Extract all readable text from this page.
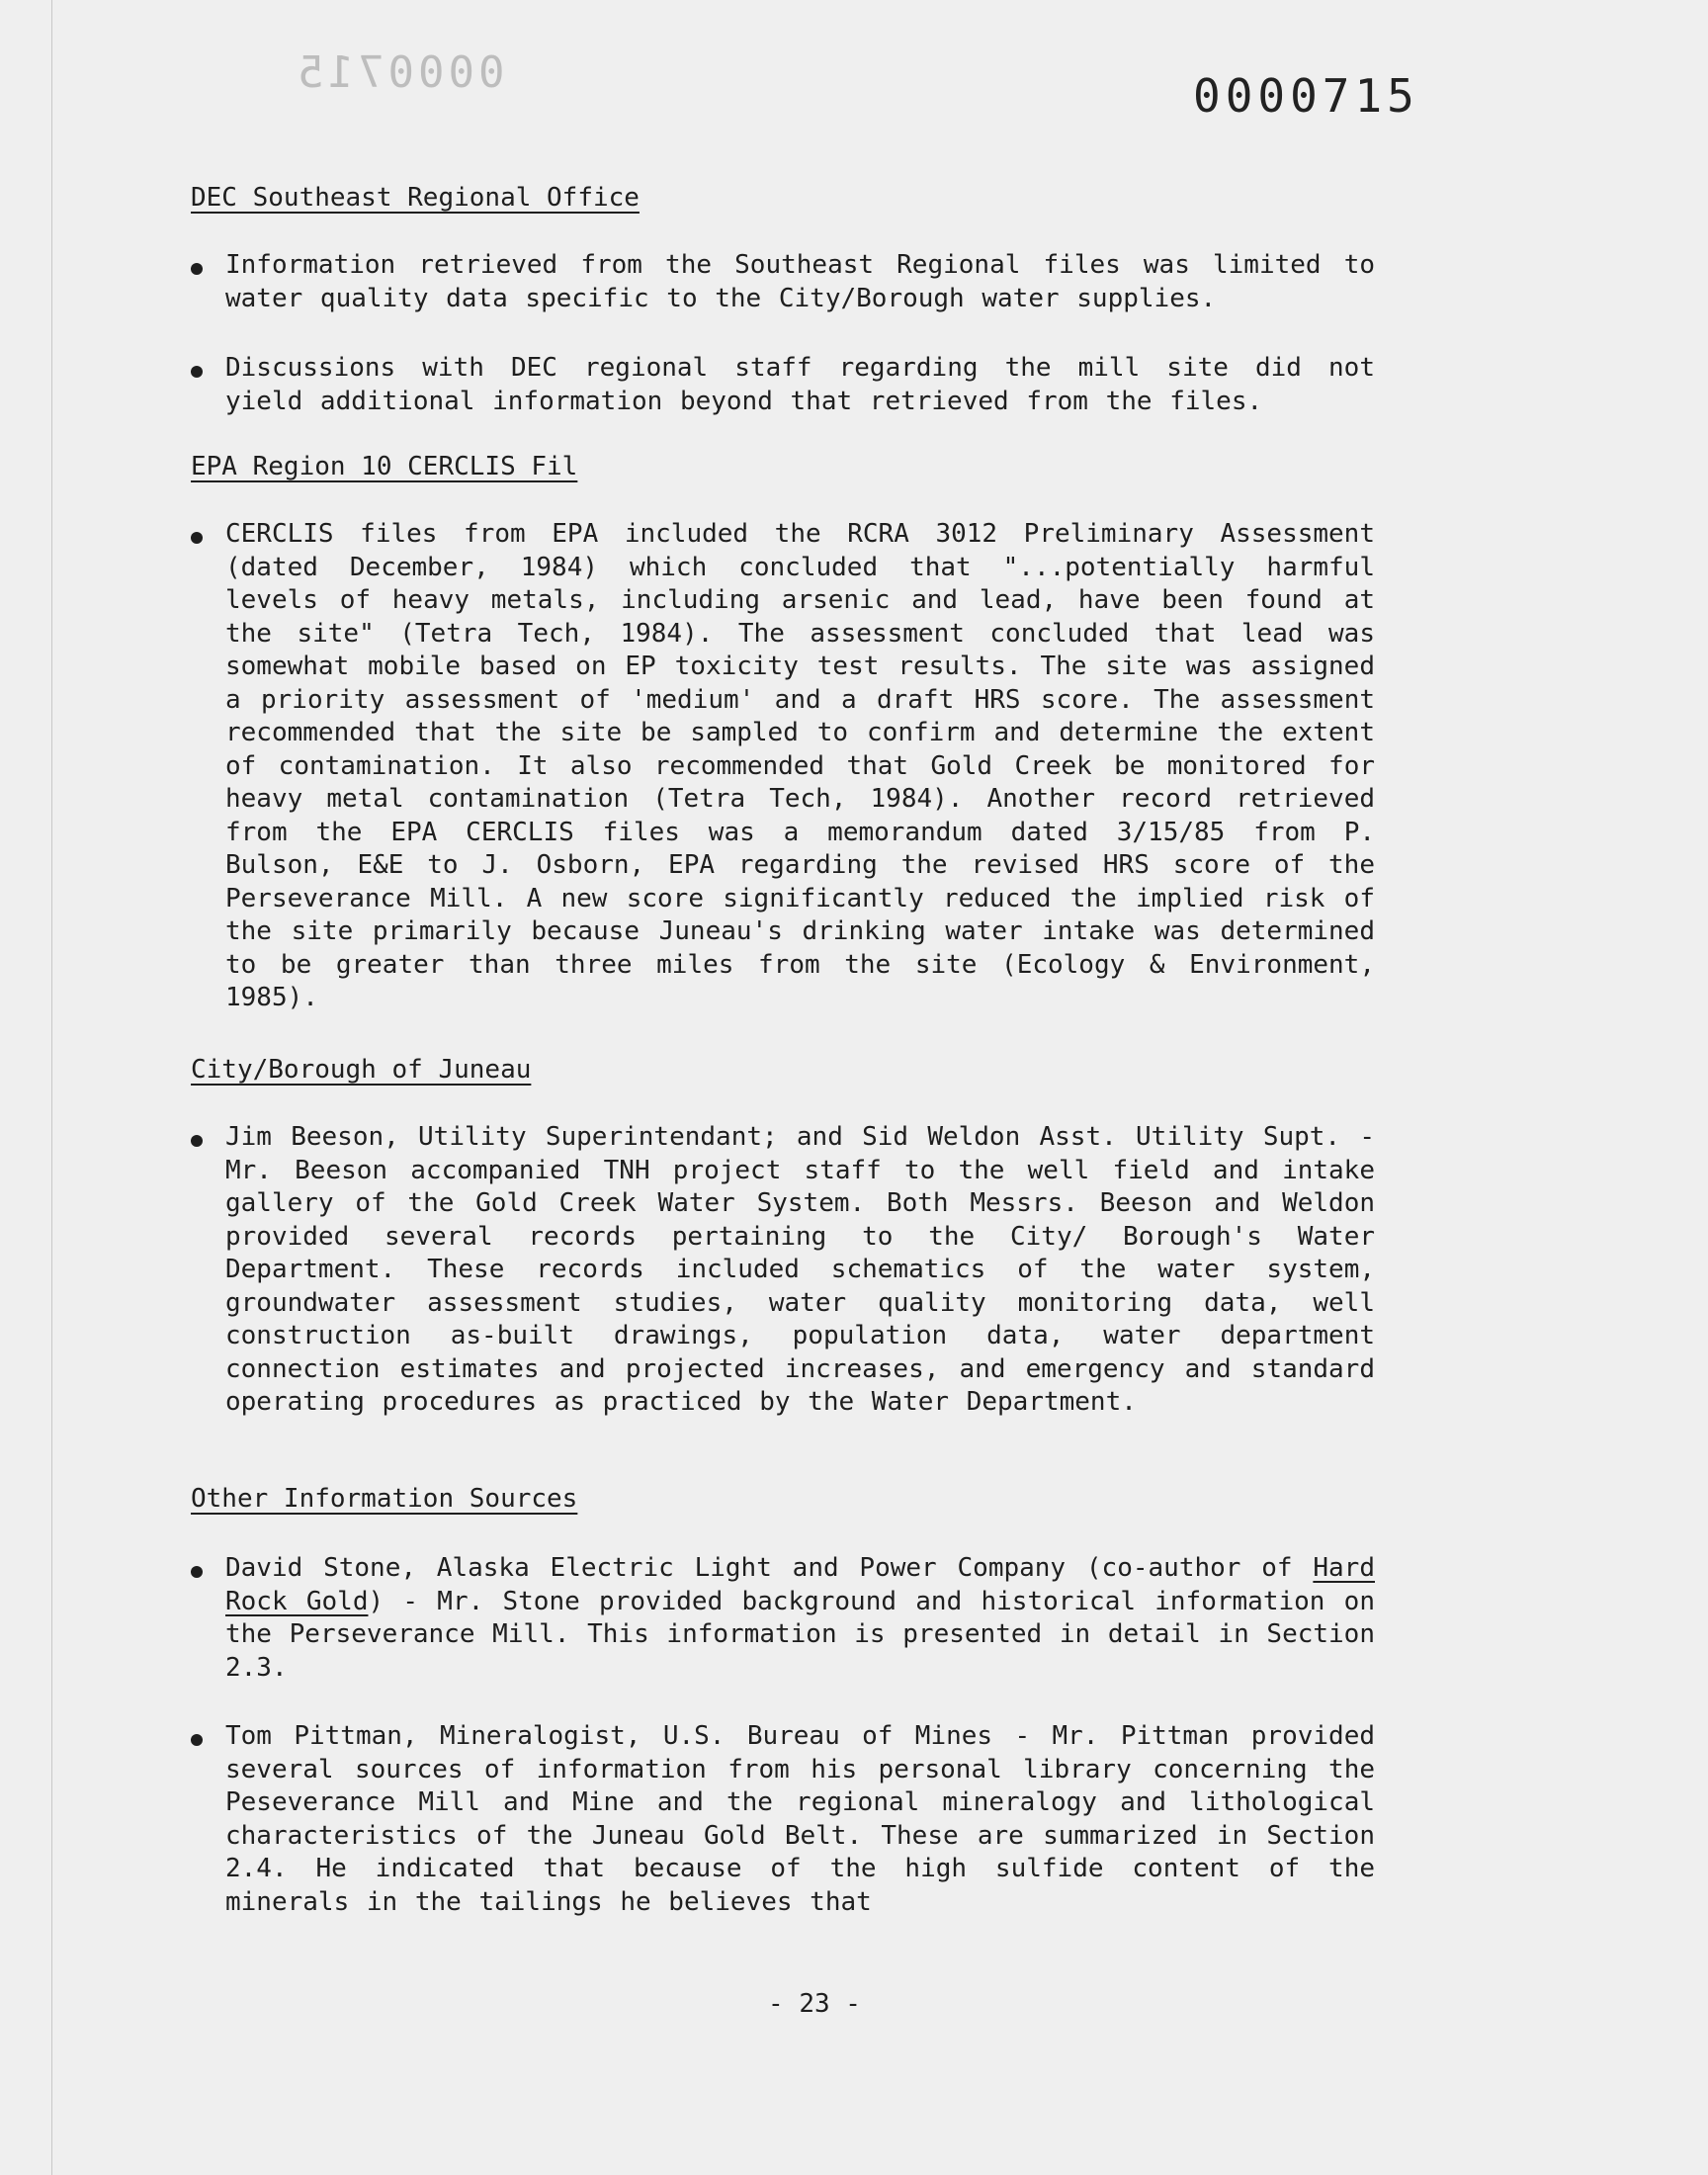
0000715	0000715
DEC Southeast Regional Office
Information retrieved from the Southeast Regional files was limited to water quality data specific to the City/Borough water supplies.
Discussions with DEC regional staff regarding the mill site did not yield additional information beyond that retrieved from the files.
EPA Region 10 CERCLIS Fil
CERCLIS files from EPA included the RCRA 3012 Preliminary Assessment (dated December, 1984) which concluded that "...potentially harmful levels of heavy metals, including arsenic and lead, have been found at the site" (Tetra Tech, 1984). The assessment concluded that lead was somewhat mobile based on EP toxicity test results. The site was assigned a priority assessment of 'medium' and a draft HRS score. The assessment recommended that the site be sampled to confirm and determine the extent of contamination. It also recommended that Gold Creek be monitored for heavy metal contamination (Tetra Tech, 1984). Another record retrieved from the EPA CERCLIS files was a memorandum dated 3/15/85 from P. Bulson, E&E to J. Osborn, EPA regarding the revised HRS score of the Perseverance Mill. A new score significantly reduced the implied risk of the site primarily because Juneau's drinking water intake was determined to be greater than three miles from the site (Ecology & Environment, 1985).
City/Borough of Juneau
Jim Beeson, Utility Superintendant; and Sid Weldon Asst. Utility Supt. - Mr. Beeson accompanied TNH project staff to the well field and intake gallery of the Gold Creek Water System. Both Messrs. Beeson and Weldon provided several records pertaining to the City/ Borough's Water Department. These records included schematics of the water system, groundwater assessment studies, water quality monitoring data, well construction as-built drawings, population data, water department connection estimates and projected increases, and emergency and standard operating procedures as practiced by the Water Department.
Other Information Sources
David Stone, Alaska Electric Light and Power Company (co-author of Hard Rock Gold) - Mr. Stone provided background and historical information on the Perseverance Mill. This information is presented in detail in Section 2.3.
Tom Pittman, Mineralogist, U.S. Bureau of Mines - Mr. Pittman provided several sources of information from his personal library concerning the Peseverance Mill and Mine and the regional mineralogy and lithological characteristics of the Juneau Gold Belt. These are summarized in Section 2.4. He indicated that because of the high sulfide content of the minerals in the tailings he believes that
- 23 -
